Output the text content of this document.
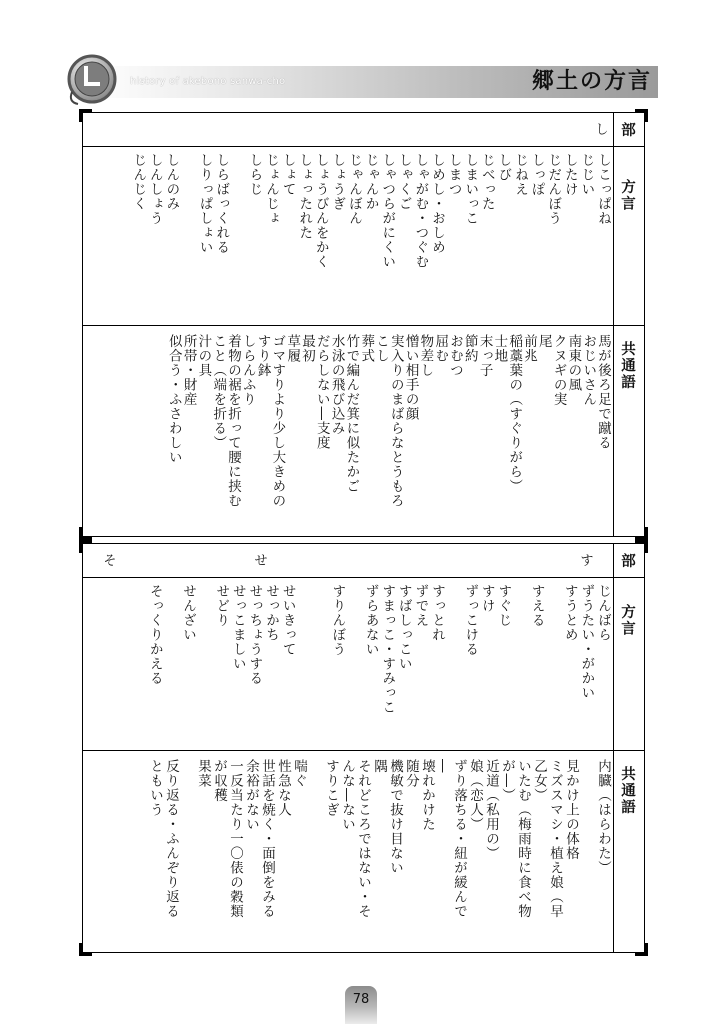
history of akebono sanwa-cho	郷土の方言
部
方言
共通語
し
しこっぱね
じじい
したけ
じだんぼう
しっぽ
じねえ
しび
じべった
しまいっこ
しまつ
しめし・おしめ
しゃがむ・つぐむ
しゃくご
しゃつらがにくい
じゃんか
じゃんぼん
しょうぎ
しょうびんをかく
しょったれた
しょて
じょんじょ
しらじ
しらばっくれる
しりっぱしょい
しんのみ
しんしょう
じんじく
馬が後ろ足で蹴る
おじいさん
南東の風
クヌギの実
尾
前兆
稲藁葉の（すぐりがら）
士地
末っ子
節約
おむつ
屈む
物差し
憎い相手の顔
実入りのまばらなとうもろ
こし
葬式
竹で編んだ箕に似たかご
水泳の飛び込み
だらしない―支度
最初
草履
ゴマすりより少し大きめの
すり鉢
しらんふり
着物の裾を折って腰に挟む
こと（端を折る）
汁の具
所帯・財産
似合う・ふさわしい
部
方言
共通語
す
せ
そ
じんばら
ずうたい・がかい
すうとめ
すえる
すぐじ
すけ
ずっこける
すっとれ
ずでえ
すばしっこい
すまっこ・すみっこ
ずらあない
すりんぼう
せいきって
せっかち
せっちょうする
せっこましい
せどり
せんざい
そっくりかえる
内臓（はらわた）
見かけ上の体格
ミズスマシ・植え娘（早
乙女）
いたむ（梅雨時に食べ物
が―）
近道（私用の）
娘（恋人）
ずり落ちる・紐が緩んで
―
壊れかけた
随分
機敏で抜け目ない
隅
それどころではない・そ
んな―ない
すりこぎ
喘ぐ
性急な人
世話を焼く・面倒をみる
余裕がない
一反当たり一〇俵の穀類
が収穫
果菜
反り返る・ふんぞり返る
ともいう
78
